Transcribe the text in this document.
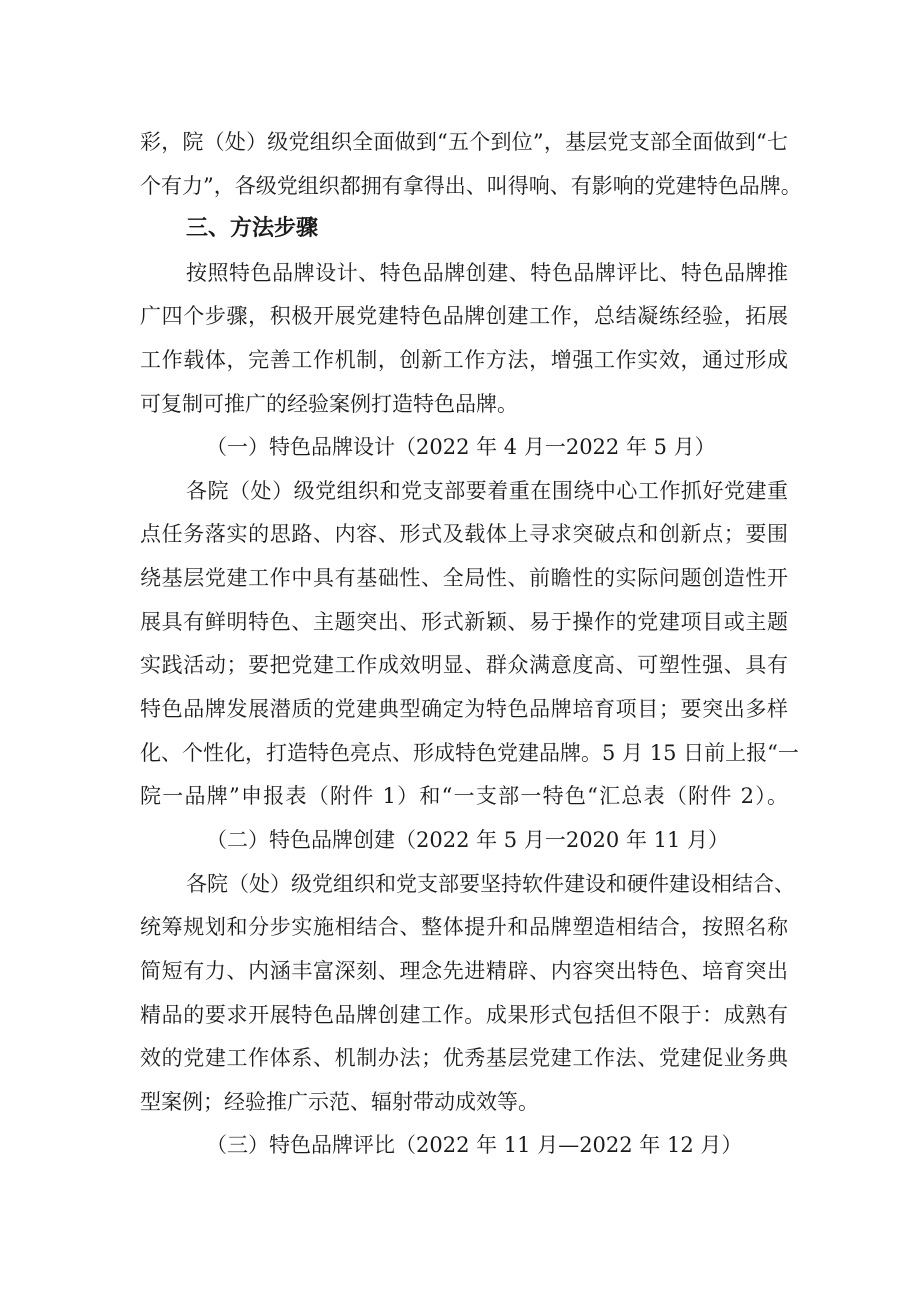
彩，院（处）级党组织全面做到“五个到位”，基层党支部全面做到“七
个有力”，各级党组织都拥有拿得出、叫得响、有影响的党建特色品牌。
三、方法步骤
按照特色品牌设计、特色品牌创建、特色品牌评比、特色品牌推
广四个步骤，积极开展党建特色品牌创建工作，总结凝练经验，拓展
工作载体，完善工作机制，创新工作方法，增强工作实效，通过形成
可复制可推广的经验案例打造特色品牌。
（一）特色品牌设计（2022 年 4 月一2022 年 5 月）
各院（处）级党组织和党支部要着重在围绕中心工作抓好党建重
点任务落实的思路、内容、形式及载体上寻求突破点和创新点；要围
绕基层党建工作中具有基础性、全局性、前瞻性的实际问题创造性开
展具有鲜明特色、主题突出、形式新颖、易于操作的党建项目或主题
实践活动；要把党建工作成效明显、群众满意度高、可塑性强、具有
特色品牌发展潜质的党建典型确定为特色品牌培育项目；要突出多样
化、个性化，打造特色亮点、形成特色党建品牌。5 月 15 日前上报“一
院一品牌”申报表（附件 1）和“一支部一特色“汇总表（附件 2）。
（二）特色品牌创建（2022 年 5 月一2020 年 11 月）
各院（处）级党组织和党支部要坚持软件建设和硬件建设相结合、
统筹规划和分步实施相结合、整体提升和品牌塑造相结合，按照名称
简短有力、内涵丰富深刻、理念先进精辟、内容突出特色、培育突出
精品的要求开展特色品牌创建工作。成果形式包括但不限于：成熟有
效的党建工作体系、机制办法；优秀基层党建工作法、党建促业务典
型案例；经验推广示范、辐射带动成效等。
（三）特色品牌评比（2022 年 11 月—2022 年 12 月）
